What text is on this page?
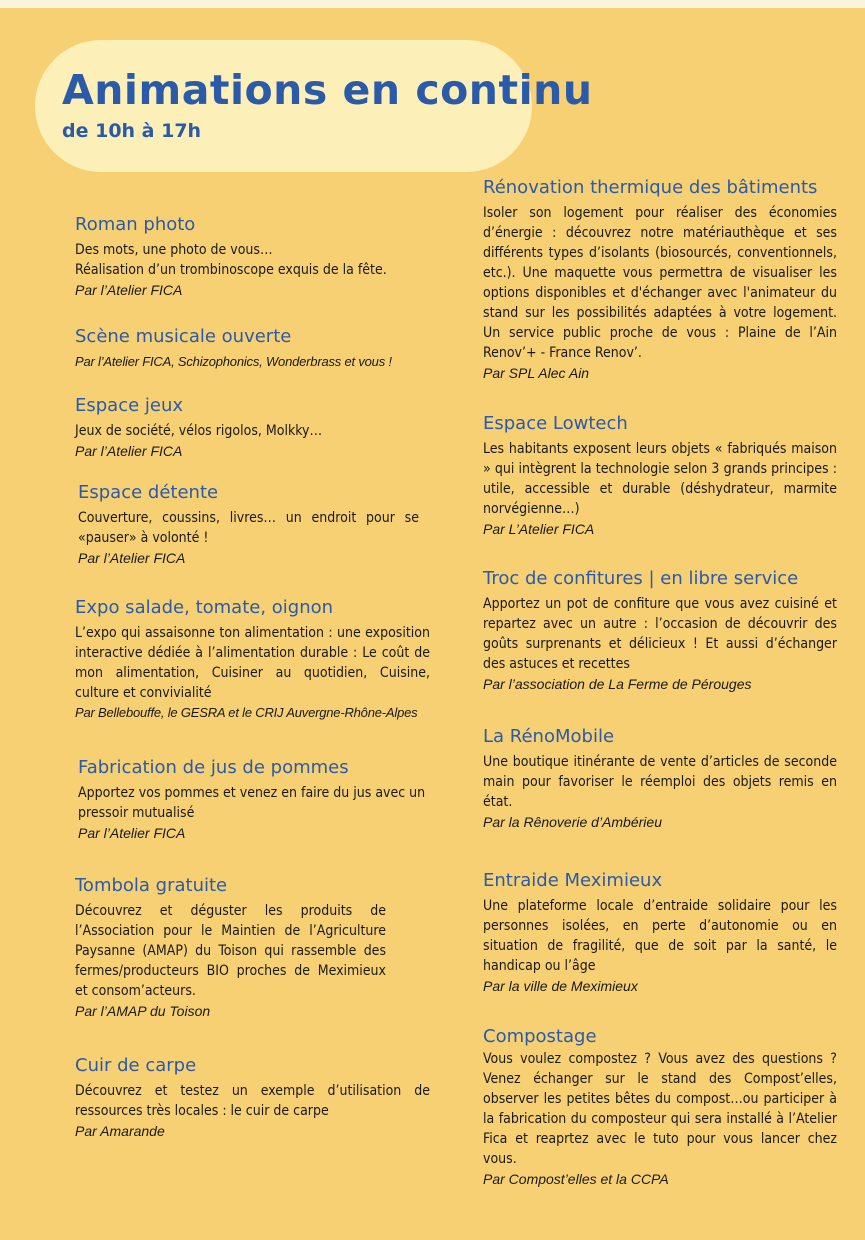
Animations en continu
de 10h à 17h
Roman photo

Des mots, une photo de vous…
Réalisation d’un trombinoscope exquis de la fête.
Par l’Atelier FICA

Scène musicale ouverte

Par l’Atelier FICA, Schizophonics, Wonderbrass et vous !

Espace jeux

Jeux de société, vélos rigolos, Molkky…
Par l’Atelier FICA

Espace détente

Couverture, coussins, livres… un endroit pour se «pauser» à volonté !
Par l’Atelier FICA

Expo salade, tomate, oignon

L’expo qui assaisonne ton alimentation : une exposition interactive dédiée à l’alimentation durable : Le coût de mon alimentation, Cuisiner au quotidien, Cuisine, culture et convivialité
Par Bellebouffe, le GESRA et le CRIJ Auvergne-Rhône-Alpes

Fabrication de jus de pommes

Apportez vos pommes et venez en faire du jus avec un pressoir mutualisé
Par l’Atelier FICA

Tombola gratuite

Découvrez et déguster les produits de l’Association pour le Maintien de l’Agriculture Paysanne (AMAP) du Toison qui rassemble des fermes/producteurs BIO proches de Meximieux et consom’acteurs.
Par l’AMAP du Toison

Cuir de carpe

Découvrez et testez un exemple d’utilisation de ressources très locales : le cuir de carpe
Par Amarande

Rénovation thermique des bâtiments

Isoler son logement pour réaliser des économies d’énergie : découvrez notre matériauthèque et ses différents types d’isolants (biosourcés, conventionnels, etc.). Une maquette vous permettra de visualiser les options disponibles et d'échanger avec l'animateur du stand sur les possibilités adaptées à votre logement. Un service public proche de vous : Plaine de l’Ain Renov’+ - France Renov’.
Par SPL Alec Ain

Espace Lowtech

Les habitants exposent leurs objets « fabriqués maison » qui intègrent la technologie selon 3 grands principes : utile, accessible et durable (déshydrateur, marmite norvégienne…)
Par L’Atelier FICA

Troc de confitures | en libre service

Apportez un pot de confiture que vous avez cuisiné et repartez avec un autre : l’occasion de découvrir des goûts surprenants et délicieux ! Et aussi d’échanger des astuces et recettes
Par l’association de La Ferme de Pérouges

La RénoMobile

Une boutique itinérante de vente d’articles de seconde main pour favoriser le réemploi des objets remis en état.
Par la Rênoverie d’Ambérieu

Entraide Meximieux

Une plateforme locale d’entraide solidaire pour les personnes isolées, en perte d’autonomie ou en situation de fragilité, que de soit par la santé, le handicap ou l’âge
Par la ville de Meximieux

Compostage

Vous voulez compostez ? Vous avez des questions ? Venez échanger sur le stand des Compost’elles, observer les petites bêtes du compost…ou participer à la fabrication du composteur qui sera installé à l’Atelier Fica et reaprtez avec le tuto pour vous lancer chez vous.
Par Compost’elles et la CCPA
